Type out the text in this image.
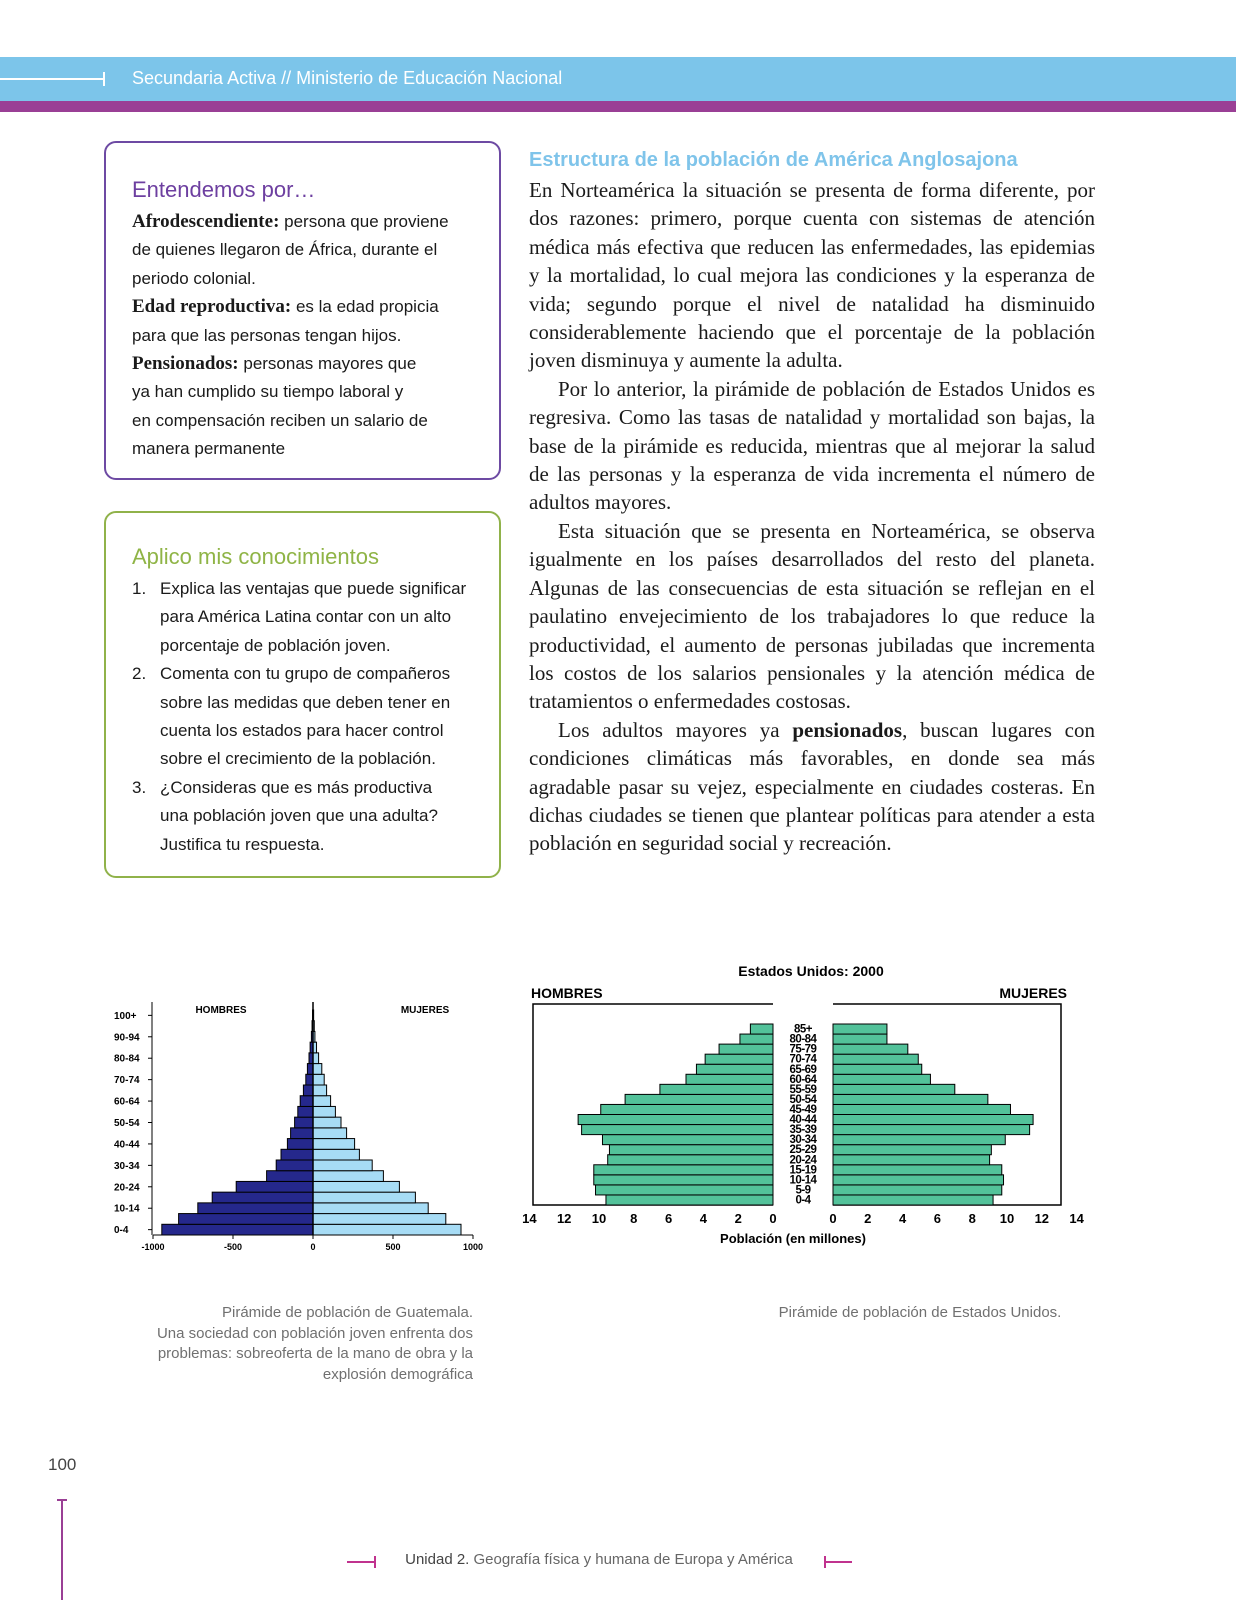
Secundaria Activa // Ministerio de Educación Nacional
Entendemos por…
Afrodescendiente: persona que proviene
de quienes llegaron de África, durante el
periodo colonial.
Edad reproductiva: es la edad propicia
para que las personas tengan hijos.
Pensionados: personas mayores que
ya han cumplido su tiempo laboral y
en compensación reciben un salario de
manera permanente
Aplico mis conocimientos
1. Explica las ventajas que puede significar
para América Latina contar con un alto
porcentaje de población joven.
2. Comenta con tu grupo de compañeros
sobre las medidas que deben tener en
cuenta los estados para hacer control
sobre el crecimiento de la población.
3. ¿Consideras que es más productiva
una población joven que una adulta?
Justifica tu respuesta.
Estructura de la población de América Anglosajona

En Norteamérica la situación se presenta de forma diferente, por dos razones: primero, porque cuenta con sistemas de atención médica más efectiva que reducen las enfermedades, las epidemias y la mortalidad, lo cual mejora las condiciones y la esperanza de vida; segundo porque el nivel de natalidad ha disminuido considerablemente haciendo que el porcentaje de la población joven disminuya y aumente la adulta.

Por lo anterior, la pirámide de población de Estados Unidos es regresiva. Como las tasas de natalidad y mortalidad son bajas, la base de la pirámide es reducida, mientras que al mejorar la salud de las personas y la esperanza de vida incrementa el número de adultos mayores.

Esta situación que se presenta en Norteamérica, se observa igualmente en los países desarrollados del resto del planeta. Algunas de las consecuencias de esta situación se reflejan en el paulatino envejecimiento de los trabajadores lo que reduce la productividad, el aumento de personas jubiladas que incrementa los costos de los salarios pensionales y la atención médica de tratamientos o enfermedades costosas.

Los adultos mayores ya pensionados, buscan lugares con condiciones climáticas más favorables, en donde sea más agradable pasar su vejez, especialmente en ciudades costeras. En dichas ciudades se tienen que plantear políticas para atender a esta población en seguridad social y recreación.

0-4
10-14
20-24
30-34
40-44
50-54
60-64
70-74
80-84
90-94
100+
-1000	-500	0	500	1000
HOMBRES	MUJERES
Estados Unidos: 2000
HOMBRES	MUJERES
0-4
5-9
10-14
15-19
20-24
25-29
30-34
35-39
40-44
45-49
50-54
55-59
60-64
65-69
70-74
75-79
80-84
85+
14 12 10 8 6 4 2 0	0 2 4 6 8 10 12 14
Población (en millones)
Pirámide de población de Guatemala.
Una sociedad con población joven enfrenta dos
problemas: sobreoferta de la mano de obra y la
explosión demográfica
Pirámide de población de Estados Unidos.
100
Unidad 2. Geografía física y humana de Europa y América
